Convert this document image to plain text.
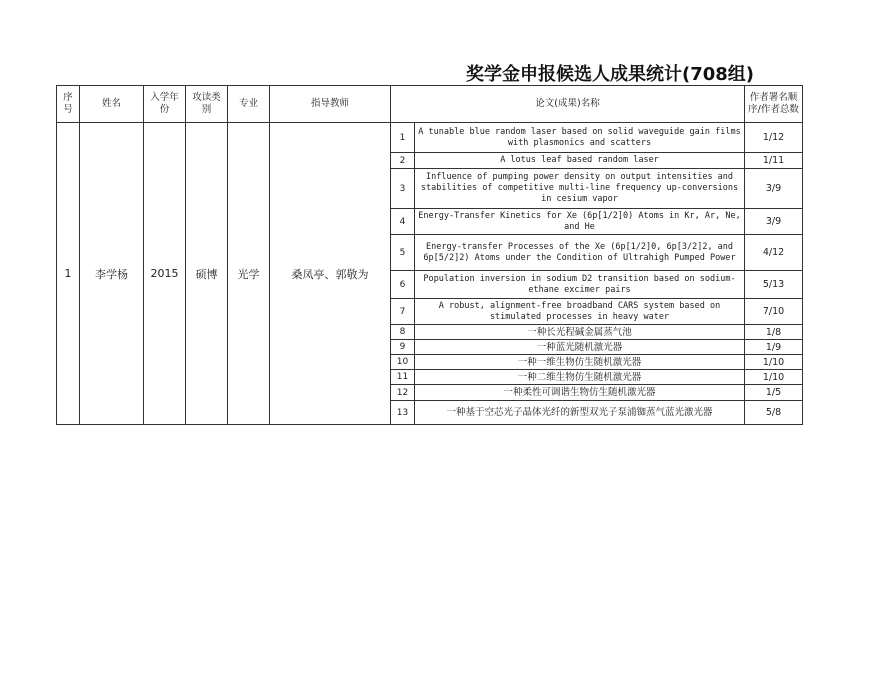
奖学金申报候选人成果统计(708组)
序号	姓名	入学年份	攻读类别	专业	指导教师	论文(成果)名称		作者署名顺序/作者总数
1	李学杨	2015	硕博	光学	桑凤亭、郭敬为	1	A tunable blue random laser based on solid waveguide gain films with plasmonics and scatters	1/12
						2	A lotus leaf based random laser	1/11
						3	Influence of pumping power density on output intensities and stabilities of competitive multi-line frequency up-conversions in cesium vapor	3/9
						4	Energy-Transfer Kinetics for Xe (6p[1/2]0) Atoms in Kr, Ar, Ne, and He	3/9
						5	Energy-transfer Processes of the Xe (6p[1/2]0, 6p[3/2]2, and 6p[5/2]2) Atoms under the Condition of Ultrahigh Pumped Power	4/12
						6	Population inversion in sodium D2 transition based on sodium-ethane excimer pairs	5/13
						7	A robust, alignment-free broadband CARS system based on stimulated processes in heavy water	7/10
						8	一种长光程碱金属蒸气池	1/8
						9	一种蓝光随机激光器	1/9
						10	一种一维生物仿生随机激光器	1/10
						11	一种二维生物仿生随机激光器	1/10
						12	一种柔性可调谐生物仿生随机激光器	1/5
						13	一种基于空芯光子晶体光纤的新型双光子泵浦铷蒸气蓝光激光器	5/8
